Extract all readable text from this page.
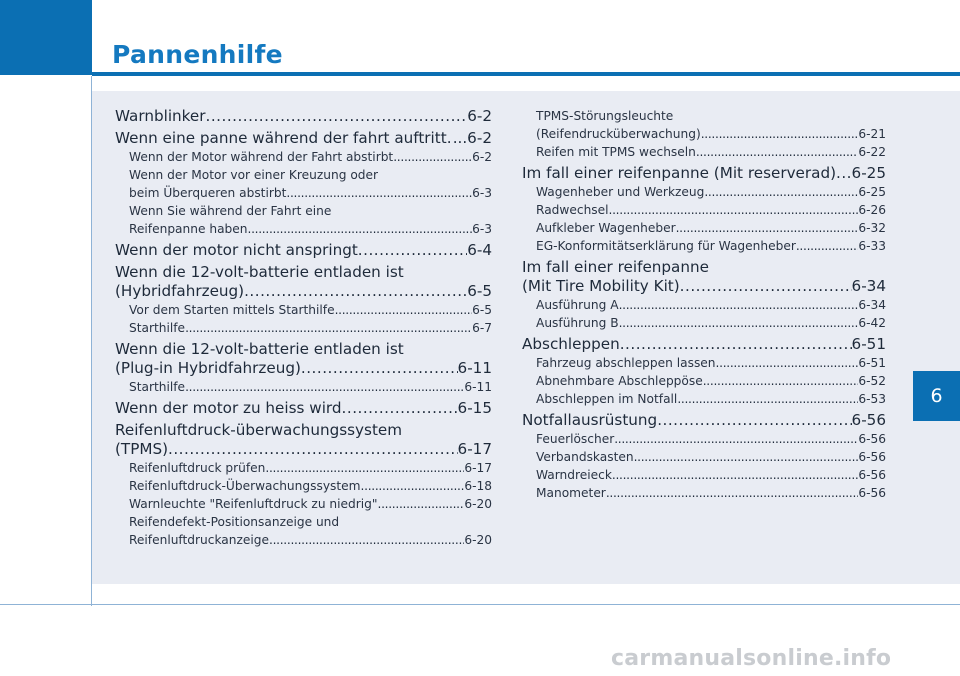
Pannenhilfe
Warnblinker .....	6-2
Wenn eine panne während der fahrt auftritt ..... ...6-2
Wenn der Motor während der Fahrt abstirbt .....	6-2
Wenn der Motor vor einer Kreuzung oder
beim Überqueren abstirbt .....	6-3
Wenn Sie während der Fahrt eine
Reifenpanne haben .....	6-3
Wenn der motor nicht anspringt .....	6-4
Wenn die 12-volt-batterie entladen ist
(Hybridfahrzeug) .....	6-5
Vor dem Starten mittels Starthilfe .....	6-5
Starthilfe .....	6-7
Wenn die 12-volt-batterie entladen ist
(Plug-in Hybridfahrzeug) .....	6-11
Starthilfe .....	6-11
Wenn der motor zu heiss wird .....	6-15
Reifenluftdruck-überwachungssystem
(TPMS) .....	6-17
Reifenluftdruck prüfen .....	6-17
Reifenluftdruck-Überwachungssystem .....	6-18
Warnleuchte "Reifenluftdruck zu niedrig" .....	6-20
Reifendefekt-Positionsanzeige und
Reifenluftdruckanzeige .....	6-20
TPMS-Störungsleuchte
(Reifendrucküberwachung) .....	6-21
Reifen mit TPMS wechseln .....	6-22
Im fall einer reifenpanne (Mit reserverad) ..... 6-25
Wagenheber und Werkzeug .....	6-25
Radwechsel .....	6-26
Aufkleber Wagenheber .....	6-32
EG-Konformitätserklärung für Wagenheber .....	6-33
Im fall einer reifenpanne
(Mit Tire Mobility Kit) .....	6-34
Ausführung A .....	6-34
Ausführung B .....	6-42
Abschleppen .....	6-51
Fahrzeug abschleppen lassen .....	6-51
Abnehmbare Abschleppöse .....	6-52
Abschleppen im Notfall .....	6-53
Notfallausrüstung .....	6-56
Feuerlöscher .....	6-56
Verbandskasten .....	6-56
Warndreieck .....	6-56
Manometer .....	6-56
6
carmanualsonline.info
